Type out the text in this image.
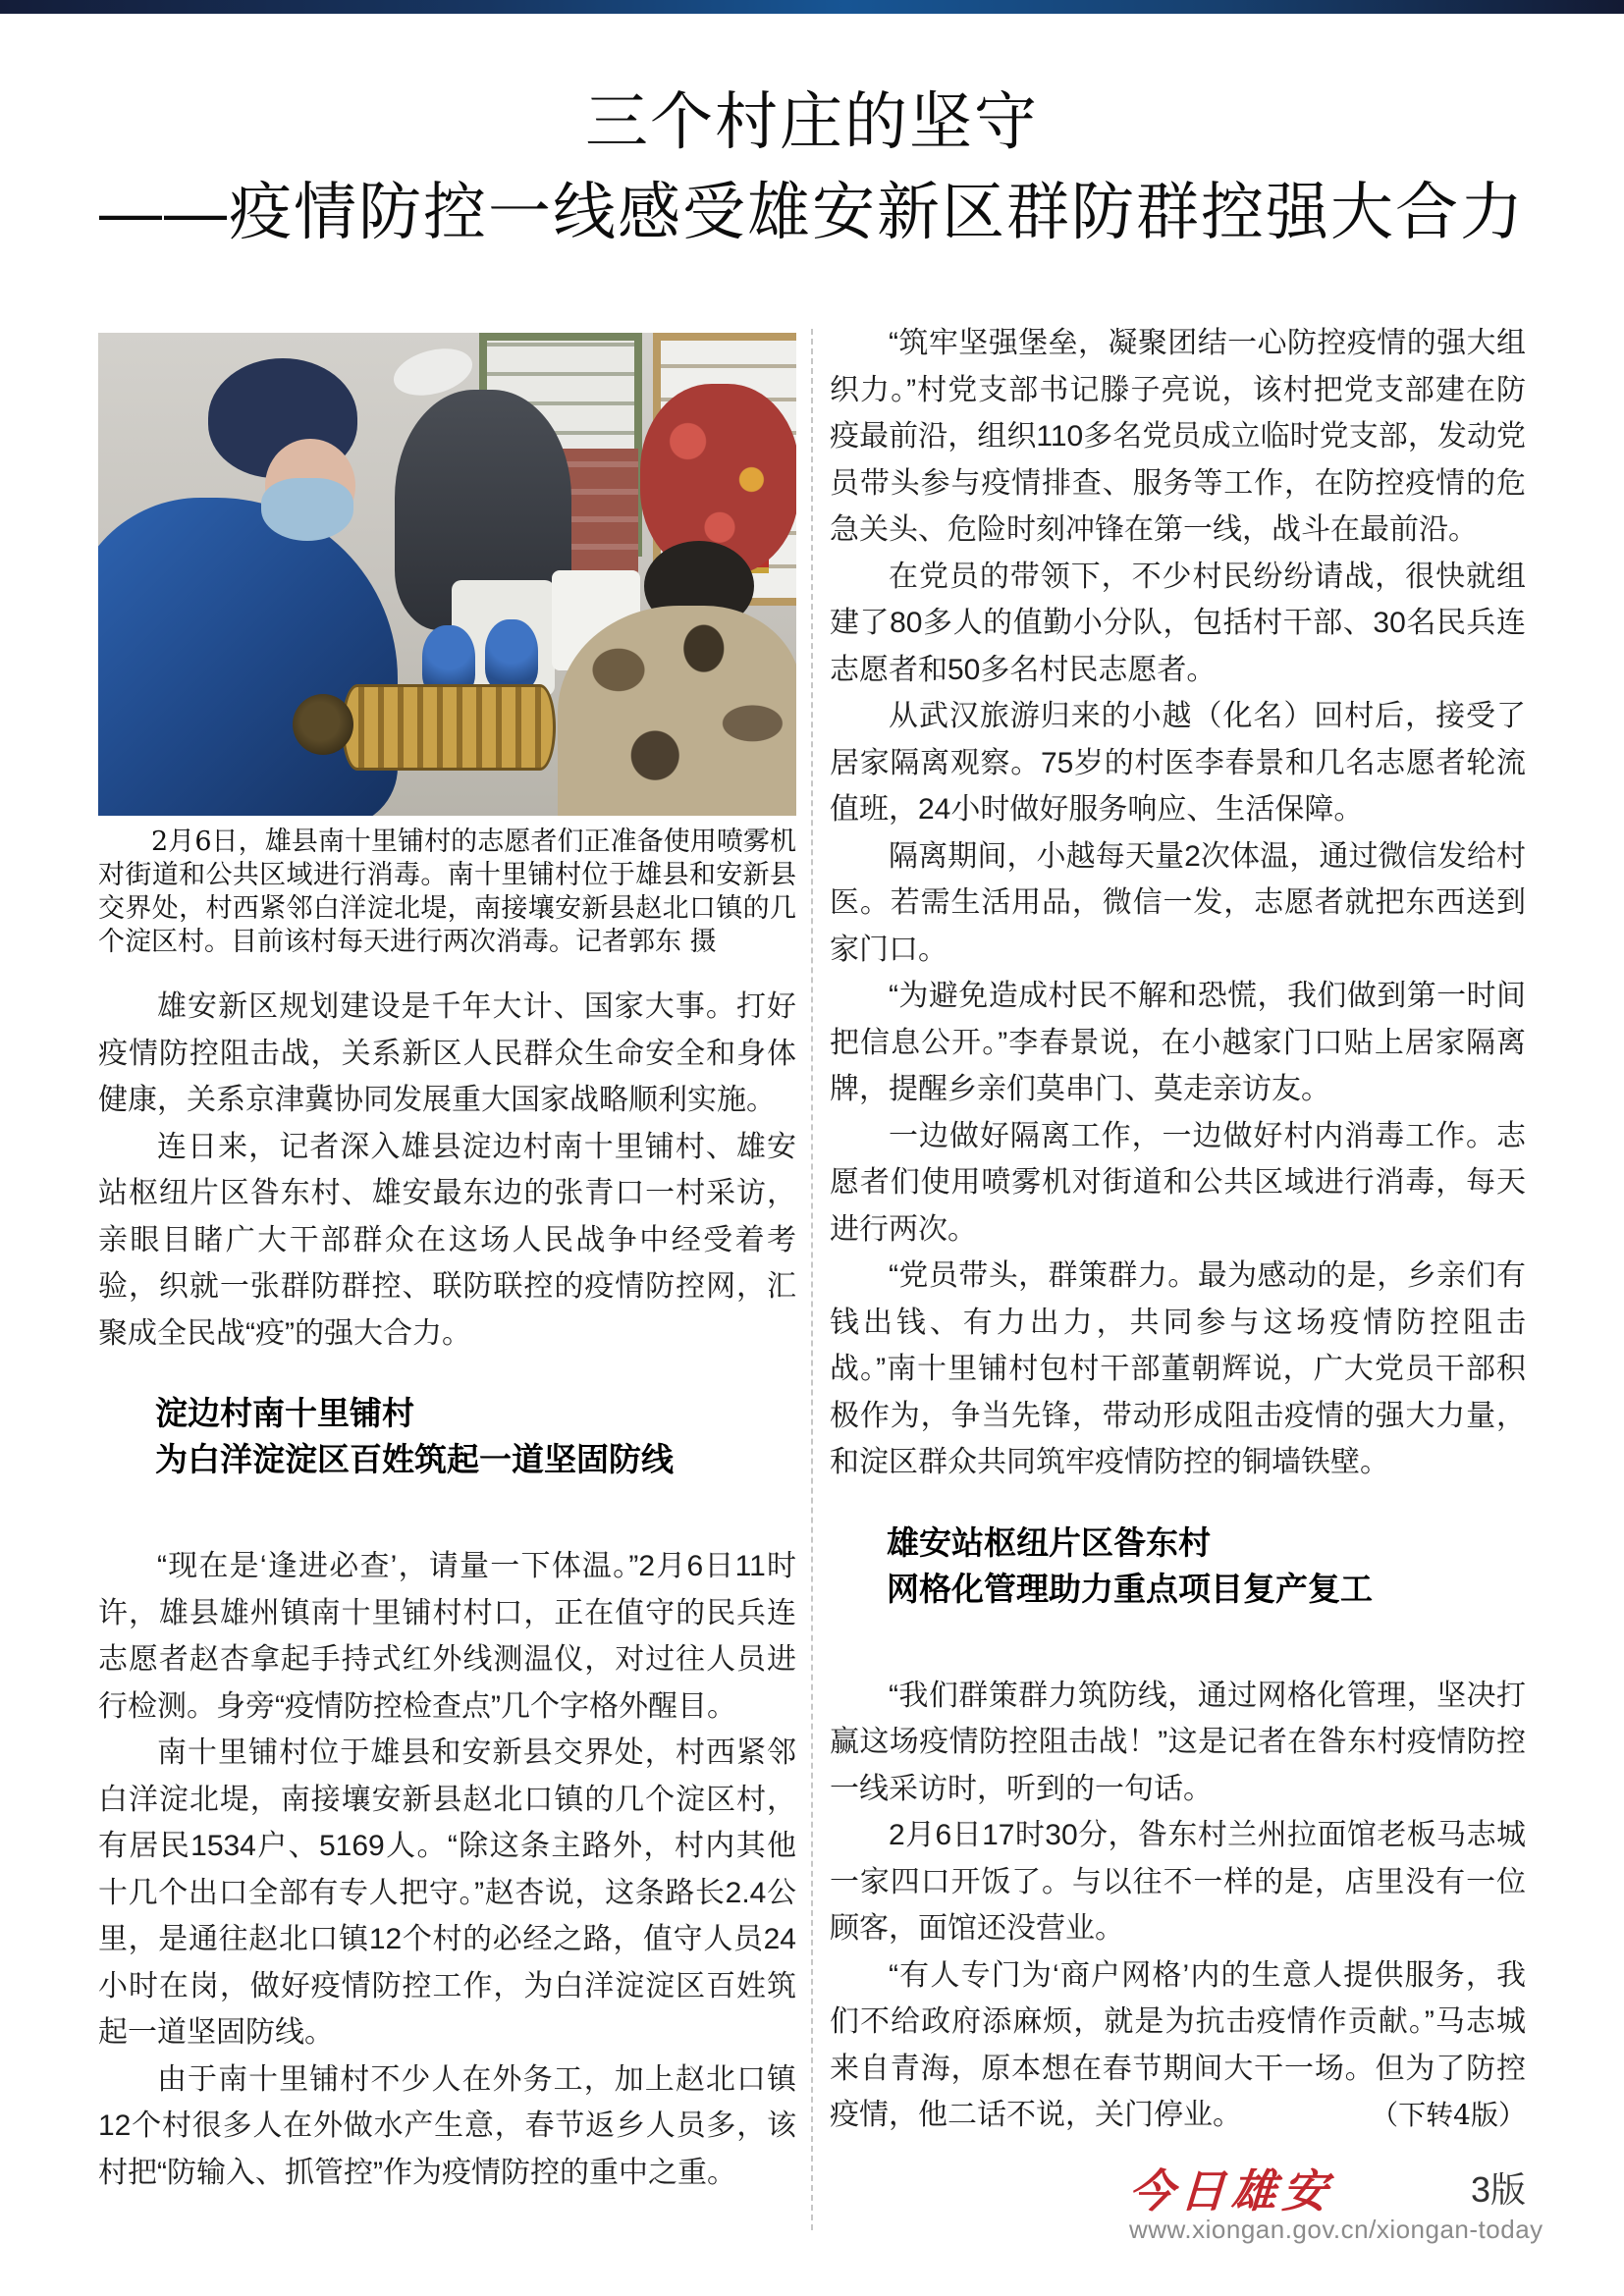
三个村庄的坚守
——疫情防控一线感受雄安新区群防群控强大合力

2月6日，雄县南十里铺村的志愿者们正准备使用喷雾机对街道和公共区域进行消毒。南十里铺村位于雄县和安新县交界处，村西紧邻白洋淀北堤，南接壤安新县赵北口镇的几个淀区村。目前该村每天进行两次消毒。记者郭东 摄

雄安新区规划建设是千年大计、国家大事。打好疫情防控阻击战，关系新区人民群众生命安全和身体健康，关系京津冀协同发展重大国家战略顺利实施。

连日来，记者深入雄县淀边村南十里铺村、雄安站枢纽片区昝东村、雄安最东边的张青口一村采访，亲眼目睹广大干部群众在这场人民战争中经受着考验，织就一张群防群控、联防联控的疫情防控网，汇聚成全民战“疫”的强大合力。

淀边村南十里铺村
为白洋淀淀区百姓筑起一道坚固防线

“现在是‘逢进必查’，请量一下体温。”2月6日11时许，雄县雄州镇南十里铺村村口，正在值守的民兵连志愿者赵杏拿起手持式红外线测温仪，对过往人员进行检测。身旁“疫情防控检查点”几个字格外醒目。

南十里铺村位于雄县和安新县交界处，村西紧邻白洋淀北堤，南接壤安新县赵北口镇的几个淀区村，有居民1534户、5169人。“除这条主路外，村内其他十几个出口全部有专人把守。”赵杏说，这条路长2.4公里，是通往赵北口镇12个村的必经之路，值守人员24小时在岗，做好疫情防控工作，为白洋淀淀区百姓筑起一道坚固防线。

由于南十里铺村不少人在外务工，加上赵北口镇12个村很多人在外做水产生意，春节返乡人员多，该村把“防输入、抓管控”作为疫情防控的重中之重。

“筑牢坚强堡垒，凝聚团结一心防控疫情的强大组织力。”村党支部书记滕子亮说，该村把党支部建在防疫最前沿，组织110多名党员成立临时党支部，发动党员带头参与疫情排查、服务等工作，在防控疫情的危急关头、危险时刻冲锋在第一线，战斗在最前沿。

在党员的带领下，不少村民纷纷请战，很快就组建了80多人的值勤小分队，包括村干部、30名民兵连志愿者和50多名村民志愿者。

从武汉旅游归来的小越（化名）回村后，接受了居家隔离观察。75岁的村医李春景和几名志愿者轮流值班，24小时做好服务响应、生活保障。

隔离期间，小越每天量2次体温，通过微信发给村医。若需生活用品，微信一发，志愿者就把东西送到家门口。

“为避免造成村民不解和恐慌，我们做到第一时间把信息公开。”李春景说，在小越家门口贴上居家隔离牌，提醒乡亲们莫串门、莫走亲访友。

一边做好隔离工作，一边做好村内消毒工作。志愿者们使用喷雾机对街道和公共区域进行消毒，每天进行两次。

“党员带头，群策群力。最为感动的是，乡亲们有钱出钱、有力出力，共同参与这场疫情防控阻击战。”南十里铺村包村干部董朝辉说，广大党员干部积极作为，争当先锋，带动形成阻击疫情的强大力量，和淀区群众共同筑牢疫情防控的铜墙铁壁。

雄安站枢纽片区昝东村
网格化管理助力重点项目复产复工

“我们群策群力筑防线，通过网格化管理，坚决打赢这场疫情防控阻击战！”这是记者在昝东村疫情防控一线采访时，听到的一句话。

2月6日17时30分，昝东村兰州拉面馆老板马志城一家四口开饭了。与以往不一样的是，店里没有一位顾客，面馆还没营业。

“有人专门为‘商户网格’内的生意人提供服务，我们不给政府添麻烦，就是为抗击疫情作贡献。”马志城来自青海，原本想在春节期间大干一场。但为了防控疫情，他二话不说，关门停业。	（下转4版）

今日雄安	3版
www.xiongan.gov.cn/xiongan-today
